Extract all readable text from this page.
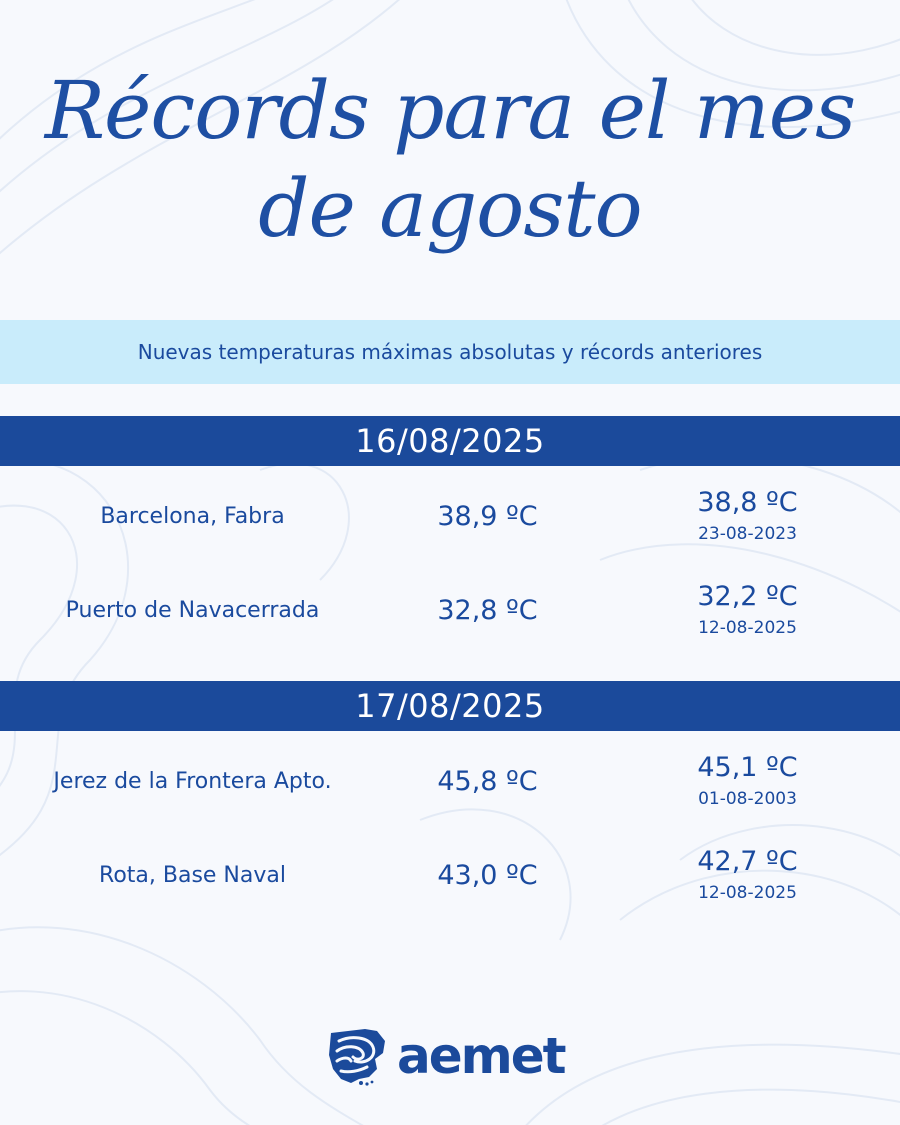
Récords para el mes de agosto
Nuevas temperaturas máximas absolutas y récords anteriores
16/08/2025
Barcelona, Fabra	38,9 ºC	38,8 ºC
23-08-2023
Puerto de Navacerrada	32,8 ºC	32,2 ºC
12-08-2025
17/08/2025
Jerez de la Frontera Apto.	45,8 ºC	45,1 ºC
01-08-2003
Rota, Base Naval	43,0 ºC	42,7 ºC
12-08-2025
aemet
